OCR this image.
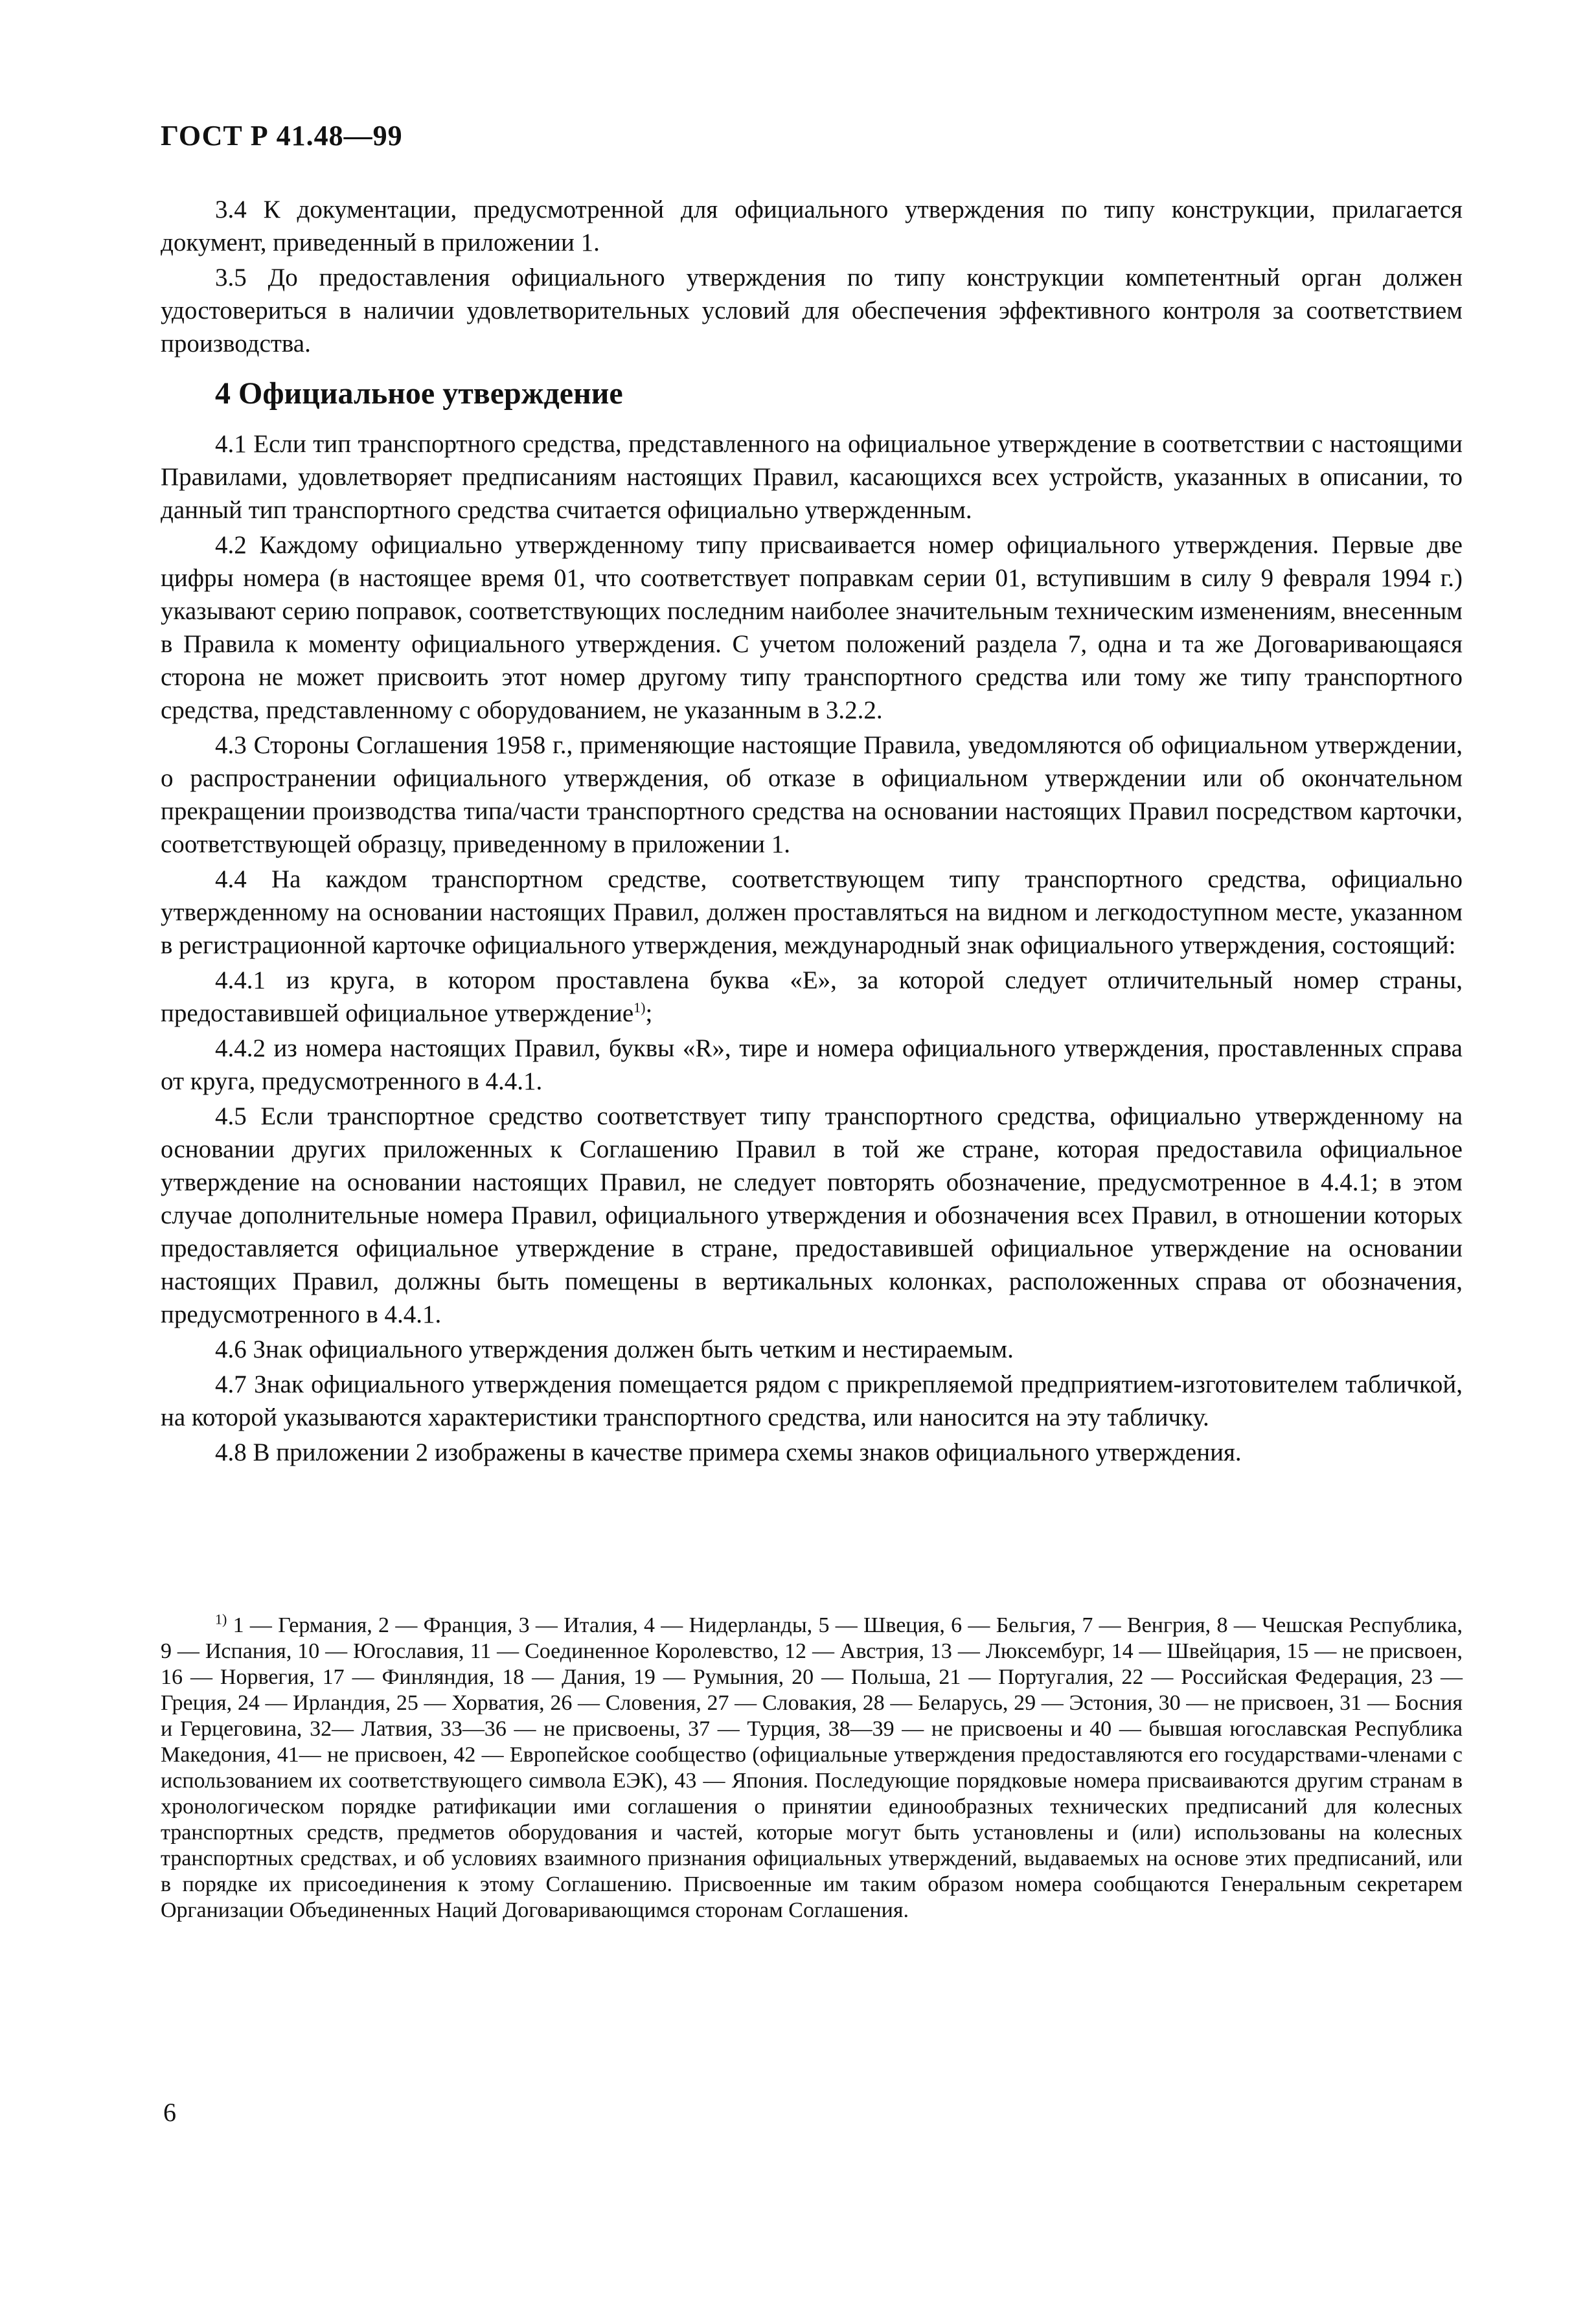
ГОСТ Р 41.48—99

3.4 К документации, предусмотренной для официального утверждения по типу конструкции, прилагается документ, приведенный в приложении 1.

3.5 До предоставления официального утверждения по типу конструкции компетентный орган должен удостовериться в наличии удовлетворительных условий для обеспечения эффективного контроля за соответствием производства.

4 Официальное утверждение

4.1 Если тип транспортного средства, представленного на официальное утверждение в соответствии с настоящими Правилами, удовлетворяет предписаниям настоящих Правил, касающихся всех устройств, указанных в описании, то данный тип транспортного средства считается официально утвержденным.

4.2 Каждому официально утвержденному типу присваивается номер официального утверждения. Первые две цифры номера (в настоящее время 01, что соответствует поправкам серии 01, вступившим в силу 9 февраля 1994 г.) указывают серию поправок, соответствующих последним наиболее значительным техническим изменениям, внесенным в Правила к моменту официального утверждения. С учетом положений раздела 7, одна и та же Договаривающаяся сторона не может присвоить этот номер другому типу транспортного средства или тому же типу транспортного средства, представленному с оборудованием, не указанным в 3.2.2.

4.3 Стороны Соглашения 1958 г., применяющие настоящие Правила, уведомляются об официальном утверждении, о распространении официального утверждения, об отказе в официальном утверждении или об окончательном прекращении производства типа/части транспортного средства на основании настоящих Правил посредством карточки, соответствующей образцу, приведенному в приложении 1.

4.4 На каждом транспортном средстве, соответствующем типу транспортного средства, официально утвержденному на основании настоящих Правил, должен проставляться на видном и легкодоступном месте, указанном в регистрационной карточке официального утверждения, международный знак официального утверждения, состоящий:

4.4.1 из круга, в котором проставлена буква «E», за которой следует отличительный номер страны, предоставившей официальное утверждение$^{1)}$;

4.4.2 из номера настоящих Правил, буквы «R», тире и номера официального утверждения, проставленных справа от круга, предусмотренного в 4.4.1.

4.5 Если транспортное средство соответствует типу транспортного средства, официально утвержденному на основании других приложенных к Соглашению Правил в той же стране, которая предоставила официальное утверждение на основании настоящих Правил, не следует повторять обозначение, предусмотренное в 4.4.1; в этом случае дополнительные номера Правил, официального утверждения и обозначения всех Правил, в отношении которых предоставляется официальное утверждение в стране, предоставившей официальное утверждение на основании настоящих Правил, должны быть помещены в вертикальных колонках, расположенных справа от обозначения, предусмотренного в 4.4.1.

4.6 Знак официального утверждения должен быть четким и нестираемым.

4.7 Знак официального утверждения помещается рядом с прикрепляемой предприятием-изготовителем табличкой, на которой указываются характеристики транспортного средства, или наносится на эту табличку.

4.8 В приложении 2 изображены в качестве примера схемы знаков официального утверждения.

$^{1)}$ 1 — Германия, 2 — Франция, 3 — Италия, 4 — Нидерланды, 5 — Швеция, 6 — Бельгия, 7 — Венгрия, 8 — Чешская Республика, 9 — Испания, 10 — Югославия, 11 — Соединенное Королевство, 12 — Австрия, 13 — Люксембург, 14 — Швейцария, 15 — не присвоен, 16 — Норвегия, 17 — Финляндия, 18 — Дания, 19 — Румыния, 20 — Польша, 21 — Португалия, 22 — Российская Федерация, 23 — Греция, 24 — Ирландия, 25 — Хорватия, 26 — Словения, 27 — Словакия, 28 — Беларусь, 29 — Эстония, 30 — не присвоен, 31 — Босния и Герцеговина, 32— Латвия, 33—36 — не присвоены, 37 — Турция, 38—39 — не присвоены и 40 — бывшая югославская Республика Македония, 41— не присвоен, 42 — Европейское сообщество (официальные утверждения предоставляются его государствами-членами с использованием их соответствующего символа ЕЭК), 43 — Япония. Последующие порядковые номера присваиваются другим странам в хронологическом порядке ратификации ими соглашения о принятии единообразных технических предписаний для колесных транспортных средств, предметов оборудования и частей, которые могут быть установлены и (или) использованы на колесных транспортных средствах, и об условиях взаимного признания официальных утверждений, выдаваемых на основе этих предписаний, или в порядке их присоединения к этому Соглашению. Присвоенные им таким образом номера сообщаются Генеральным секретарем Организации Объединенных Наций Договаривающимся сторонам Соглашения.

6
